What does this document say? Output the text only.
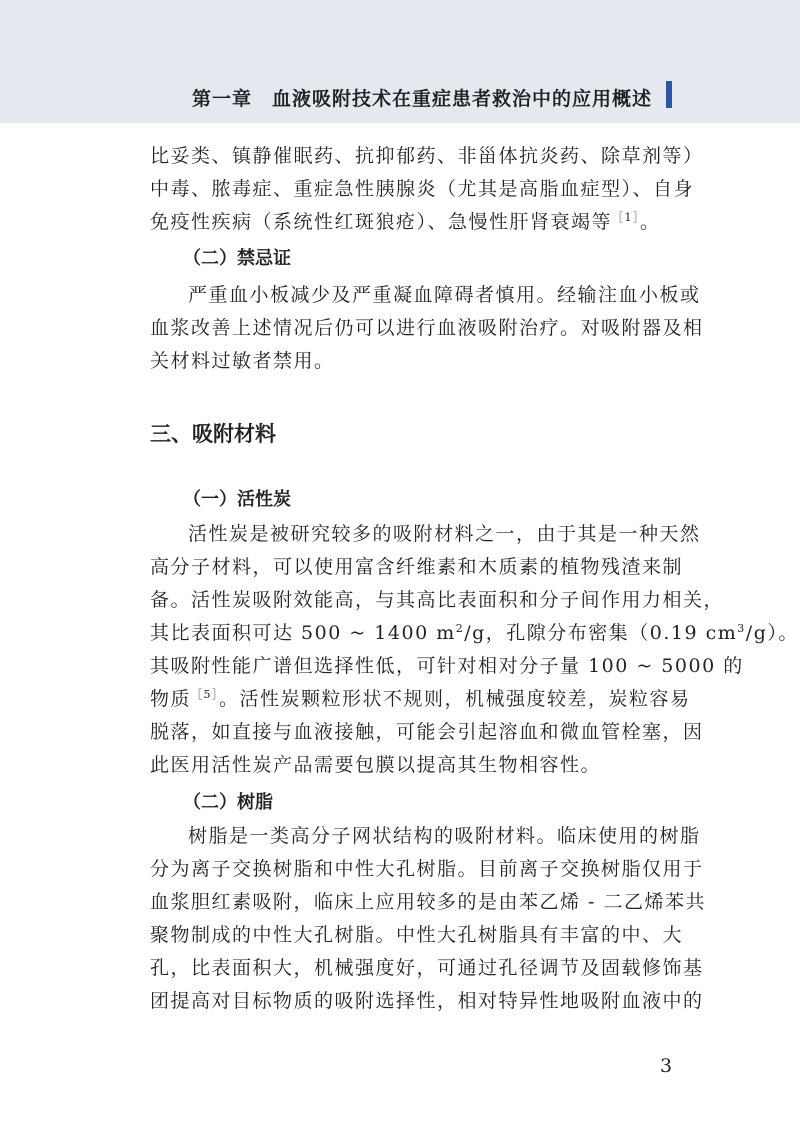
第一章　血液吸附技术在重症患者救治中的应用概述
比妥类、镇静催眠药、抗抑郁药、非甾体抗炎药、除草剂等）
中毒、脓毒症、重症急性胰腺炎（尤其是高脂血症型）、自身
免疫性疾病（系统性红斑狼疮）、急慢性肝肾衰竭等$^{[1]}$。
（二）禁忌证
严重血小板减少及严重凝血障碍者慎用。经输注血小板或
血浆改善上述情况后仍可以进行血液吸附治疗。对吸附器及相
关材料过敏者禁用。
三、吸附材料
（一）活性炭
活性炭是被研究较多的吸附材料之一，由于其是一种天然
高分子材料，可以使用富含纤维素和木质素的植物残渣来制
备。活性炭吸附效能高，与其高比表面积和分子间作用力相关，
其比表面积可达 500 ~ 1400 $m^2/g$，孔隙分布密集（0.19 $cm^3/g$）。
其吸附性能广谱但选择性低，可针对相对分子量 100 ~ 5000 的
物质$^{[5]}$。活性炭颗粒形状不规则，机械强度较差，炭粒容易
脱落，如直接与血液接触，可能会引起溶血和微血管栓塞，因
此医用活性炭产品需要包膜以提高其生物相容性。
（二）树脂
树脂是一类高分子网状结构的吸附材料。临床使用的树脂
分为离子交换树脂和中性大孔树脂。目前离子交换树脂仅用于
血浆胆红素吸附，临床上应用较多的是由苯乙烯 - 二乙烯苯共
聚物制成的中性大孔树脂。中性大孔树脂具有丰富的中、大
孔，比表面积大，机械强度好，可通过孔径调节及固载修饰基
团提高对目标物质的吸附选择性，相对特异性地吸附血液中的
3
